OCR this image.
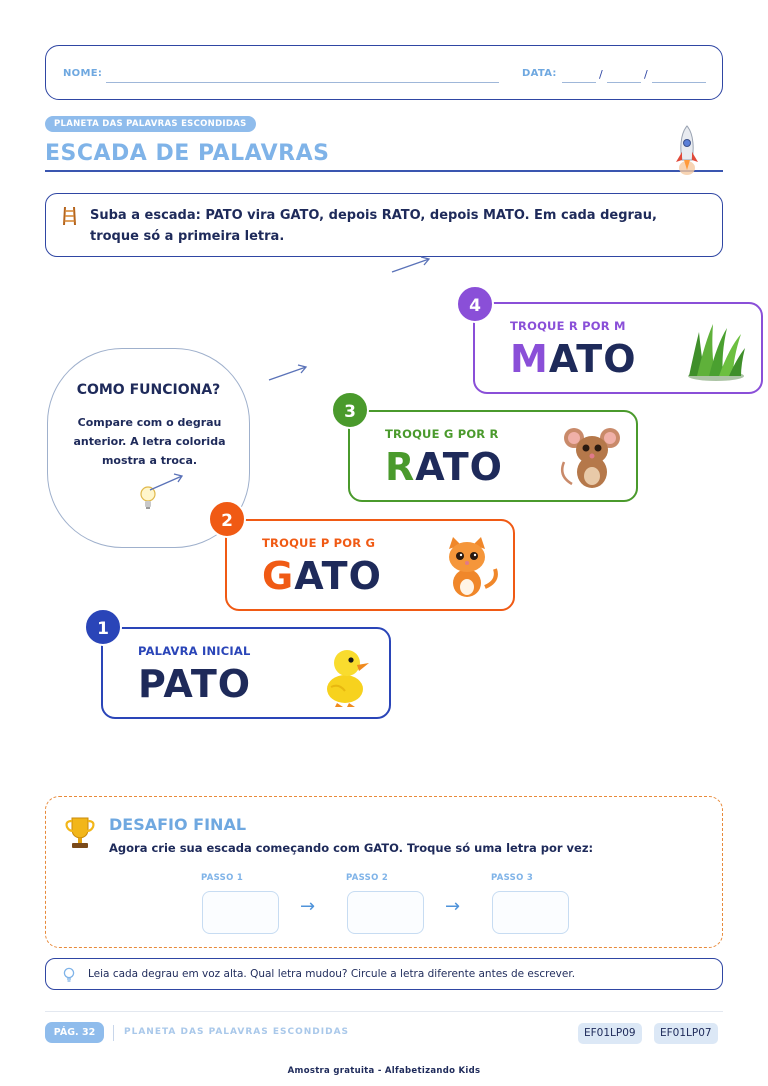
NOME:	DATA:	/	/
PLANETA DAS PALAVRAS ESCONDIDAS
ESCADA DE PALAVRAS
Suba a escada: PATO vira GATO, depois RATO, depois MATO. Em cada degrau, troque só a primeira letra.
COMO FUNCIONA?
Compare com o degrau anterior. A letra colorida mostra a troca.
TROQUE R POR M
MATO
4
TROQUE G POR R
RATO
3
TROQUE P POR G
GATO
2
PALAVRA INICIAL
PATO
1
DESAFIO FINAL
Agora crie sua escada começando com GATO. Troque só uma letra por vez:
PASSO 1
→
PASSO 2
→
PASSO 3
Leia cada degrau em voz alta. Qual letra mudou? Circule a letra diferente antes de escrever.
PÁG. 32	PLANETA DAS PALAVRAS ESCONDIDAS	EF01LP09	EF01LP07
Amostra gratuita - Alfabetizando Kids
